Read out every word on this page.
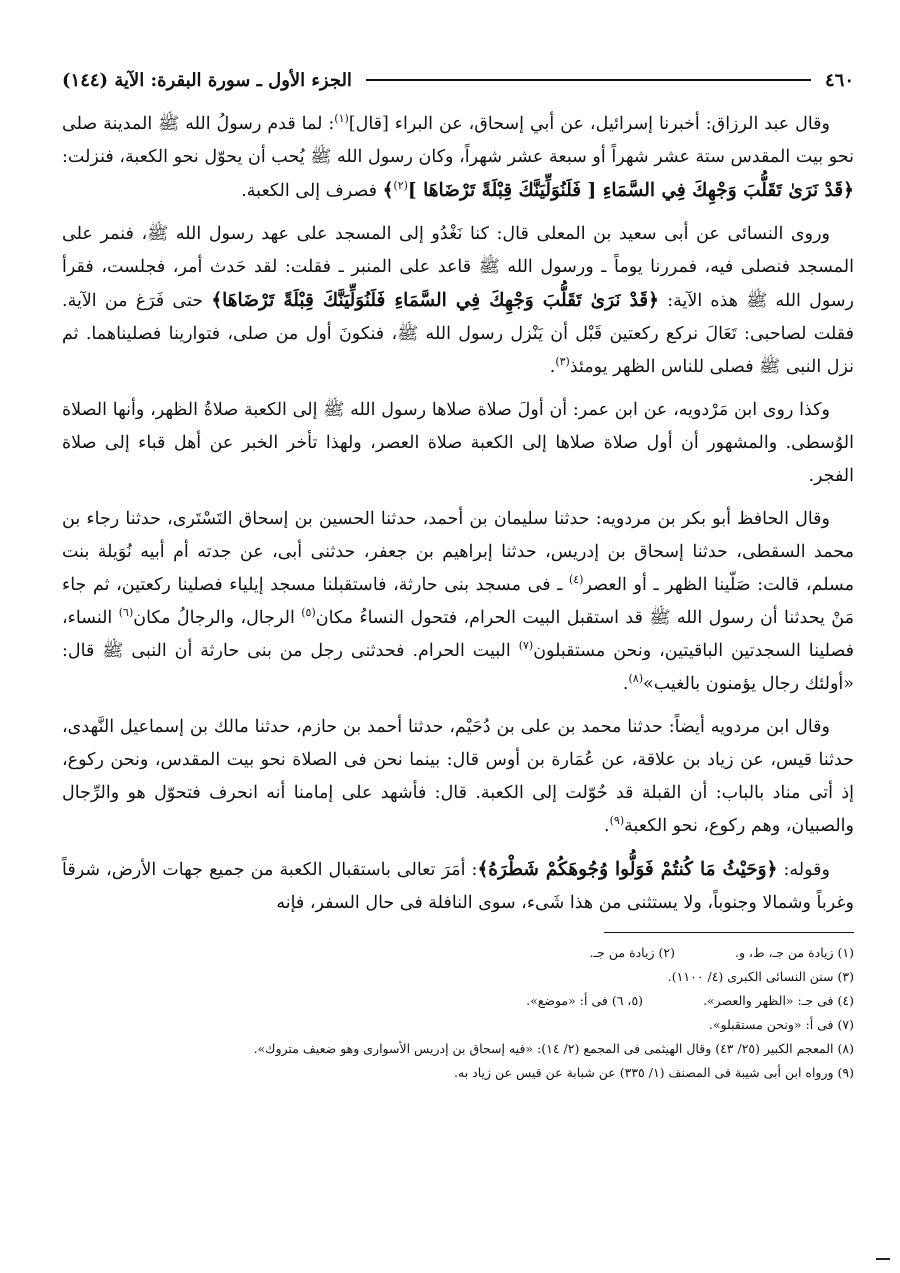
٤٦٠
الجزء الأول ـ سورة البقرة: الآية (١٤٤)

وقال عبد الرزاق: أخبرنا إسرائيل، عن أبي إسحاق، عن البراء [قال]$^{(١)}$: لما قدم رسولُ الله ﷺ المدينة صلى نحو بيت المقدس ستة عشر شهراً أو سبعة عشر شهراً، وكان رسول الله ﷺ يُحب أن يحوّل نحو الكعبة، فنزلت: ﴿قَدْ نَرَىٰ تَقَلُّبَ وَجْهِكَ فِي السَّمَاءِ [ فَلَنُوَلِّيَنَّكَ قِبْلَةً تَرْضَاهَا ]$^{(٢)}$﴾ فصرف إلى الكعبة.

وروى النسائى عن أبى سعيد بن المعلى قال: كنا نَغْدُو إلى المسجد على عهد رسول الله ﷺ، فنمر على المسجد فنصلى فيه، فمررنا يوماً ـ ورسول الله ﷺ قاعد على المنبر ـ فقلت: لقد حَدث أمر، فجلست، فقرأ رسول الله ﷺ هذه الآية: ﴿قَدْ نَرَىٰ تَقَلُّبَ وَجْهِكَ فِي السَّمَاءِ فَلَنُوَلِّيَنَّكَ قِبْلَةً تَرْضَاهَا﴾ حتى فَرَغ من الآية. فقلت لصاحبى: تَعَالَ نركع ركعتين قَبْل أن يَنْزل رسول الله ﷺ، فنكونَ أول من صلى، فتوارينا فصليناهما. ثم نزل النبى ﷺ فصلى للناس الظهر يومئذ$^{(٣)}$.

وكذا روى ابن مَرْدويه، عن ابن عمر: أن أولَ صلاة صلاها رسول الله ﷺ إلى الكعبة صلاةُ الظهر، وأنها الصلاة الوُسطى. والمشهور أن أول صلاة صلاها إلى الكعبة صلاة العصر، ولهذا تأخر الخبر عن أهل قباء إلى صلاة الفجر.

وقال الحافظ أبو بكر بن مردويه: حدثنا سليمان بن أحمد، حدثنا الحسين بن إسحاق التَسْتَرى، حدثنا رجاء بن محمد السقطى، حدثنا إسحاق بن إدريس، حدثنا إبراهيم بن جعفر، حدثنى أبى، عن جدته أم أبيه نُوَيلة بنت مسلم، قالت: صَلّينا الظهر ـ أو العصر$^{(٤)}$ ـ فى مسجد بنى حارثة، فاستقبلنا مسجد إيلياء فصلينا ركعتين، ثم جاء مَنْ يحدثنا أن رسول الله ﷺ قد استقبل البيت الحرام، فتحول النساءُ مكان$^{(٥)}$ الرجال، والرجالُ مكان$^{(٦)}$ النساء، فصلينا السجدتين الباقيتين، ونحن مستقبلون$^{(٧)}$ البيت الحرام. فحدثنى رجل من بنى حارثة أن النبى ﷺ قال: «أولئك رجال يؤمنون بالغيب»$^{(٨)}$.

وقال ابن مردويه أيضاً: حدثنا محمد بن على بن دُحَيْم، حدثنا أحمد بن حازم، حدثنا مالك بن إسماعيل النَّهدى، حدثنا قيس، عن زياد بن علاقة، عن عُمَارة بن أوس قال: بينما نحن فى الصلاة نحو بيت المقدس، ونحن ركوع، إذ أتى مناد بالباب: أن القبلة قد حُوّلت إلى الكعبة. قال: فأشهد على إمامنا أنه انحرف فتحوّل هو والرِّجال والصبيان، وهم ركوع، نحو الكعبة$^{(٩)}$.

وقوله: ﴿وَحَيْثُ مَا كُنتُمْ فَوَلُّوا وُجُوهَكُمْ شَطْرَهُ﴾: أمَرَ تعالى باستقبال الكعبة من جميع جهات الأرض، شرقاً وغرباً وشمالا وجنوباً، ولا يستثنى من هذا شَىء، سوى النافلة فى حال السفر، فإنه

(١) زيادة من جـ، ط، و.
(٢) زيادة من جـ.
(٣) سنن النسائى الكبرى (٤/ ١١٠٠).
(٤) فى جـ: «الظهر والعصر».
(٥، ٦) فى أ: «موضع».
(٧) فى أ: «ونحن مستقبلو».
(٨) المعجم الكبير (٢٥/ ٤٣) وقال الهيثمى فى المجمع (٢/ ١٤): «فيه إسحاق بن إدريس الأسوارى وهو ضعيف متروك».
(٩) ورواه ابن أبى شيبة فى المصنف (١/ ٣٣٥) عن شبابة عن قيس عن زياد به.
